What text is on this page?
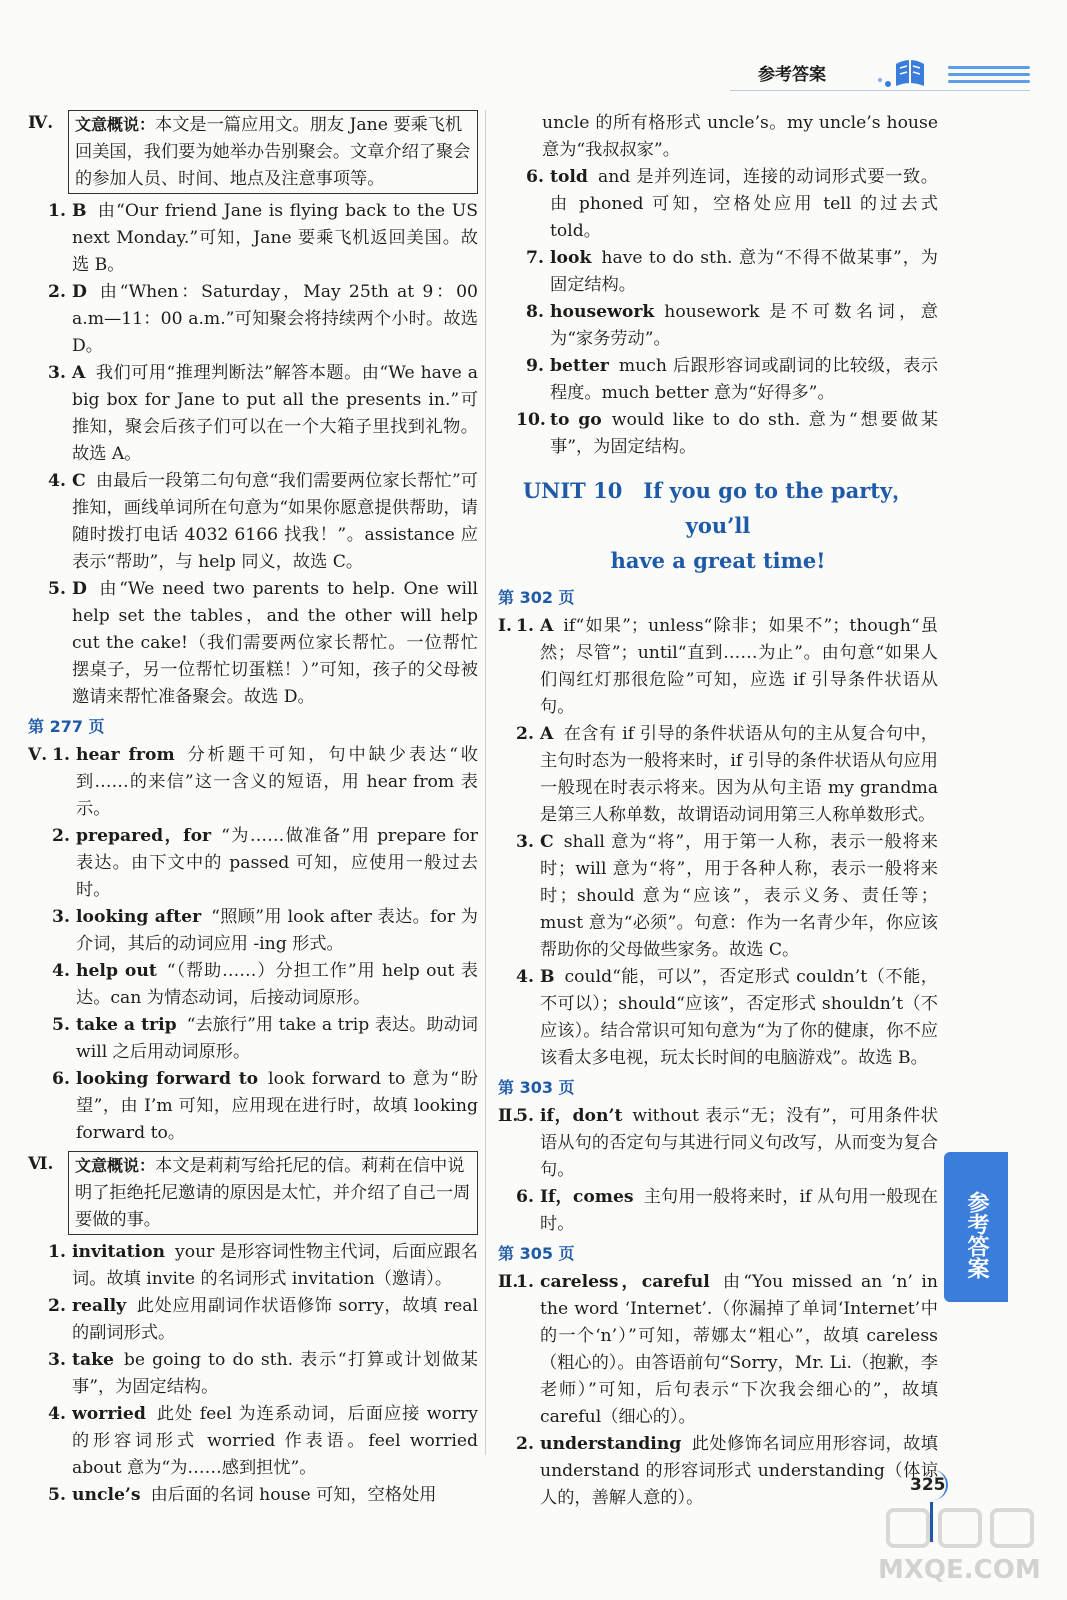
参考答案
Ⅳ.	文意概说：本文是一篇应用文。朋友 Jane 要乘飞机回美国，我们要为她举办告别聚会。文章介绍了聚会的参加人员、时间、地点及注意事项等。
1. B 由“Our friend Jane is flying back to the US next Monday.”可知，Jane 要乘飞机返回美国。故选 B。
2. D 由“When：Saturday，May 25th at 9：00 a.m—11：00 a.m.”可知聚会将持续两个小时。故选 D。
3. A 我们可用“推理判断法”解答本题。由“We have a big box for Jane to put all the presents in.”可推知，聚会后孩子们可以在一个大箱子里找到礼物。故选 A。
4. C 由最后一段第二句句意“我们需要两位家长帮忙”可推知，画线单词所在句意为“如果你愿意提供帮助，请随时拨打电话 4032 6166 找我！”。assistance 应表示“帮助”，与 help 同义，故选 C。
5. D 由“We need two parents to help. One will help set the tables，and the other will help cut the cake!（我们需要两位家长帮忙。一位帮忙摆桌子，另一位帮忙切蛋糕！）”可知，孩子的父母被邀请来帮忙准备聚会。故选 D。
第 277 页
Ⅴ. 1. hear from 分析题干可知，句中缺少表达“收到……的来信”这一含义的短语，用 hear from 表示。
2. prepared，for “为……做准备”用 prepare for 表达。由下文中的 passed 可知，应使用一般过去时。
3. looking after “照顾”用 look after 表达。for 为介词，其后的动词应用 -ing 形式。
4. help out “（帮助……）分担工作”用 help out 表达。can 为情态动词，后接动词原形。
5. take a trip “去旅行”用 take a trip 表达。助动词 will 之后用动词原形。
6. looking forward to look forward to 意为“盼望”，由 I’m 可知，应用现在进行时，故填 looking forward to。
Ⅵ.	文意概说：本文是莉莉写给托尼的信。莉莉在信中说明了拒绝托尼邀请的原因是太忙，并介绍了自己一周要做的事。
1. invitation your 是形容词性物主代词，后面应跟名词。故填 invite 的名词形式 invitation（邀请）。
2. really 此处应用副词作状语修饰 sorry，故填 real 的副词形式。
3. take be going to do sth. 表示“打算或计划做某事”，为固定结构。
4. worried 此处 feel 为连系动词，后面应接 worry 的形容词形式 worried 作表语。feel worried about 意为“为……感到担忧”。
5. uncle’s 由后面的名词 house 可知，空格处用
uncle 的所有格形式 uncle’s。my uncle’s house 意为“我叔叔家”。
6. told and 是并列连词，连接的动词形式要一致。由 phoned 可知，空格处应用 tell 的过去式 told。
7. look have to do sth. 意为“不得不做某事”，为固定结构。
8. housework housework 是不可数名词，意为“家务劳动”。
9. better much 后跟形容词或副词的比较级，表示程度。much better 意为“好得多”。
10. to go would like to do sth. 意为“想要做某事”，为固定结构。
UNIT 10　If you go to the party，you’ll
have a great time!
第 302 页
Ⅰ. 1. A if“如果”；unless“除非；如果不”；though“虽然；尽管”；until“直到……为止”。由句意“如果人们闯红灯那很危险”可知，应选 if 引导条件状语从句。
2. A 在含有 if 引导的条件状语从句的主从复合句中，主句时态为一般将来时，if 引导的条件状语从句应用一般现在时表示将来。因为从句主语 my grandma 是第三人称单数，故谓语动词用第三人称单数形式。
3. C shall 意为“将”，用于第一人称，表示一般将来时；will 意为“将”，用于各种人称，表示一般将来时；should 意为“应该”，表示义务、责任等；must 意为“必须”。句意：作为一名青少年，你应该帮助你的父母做些家务。故选 C。
4. B could“能，可以”，否定形式 couldn’t（不能，不可以）；should“应该”，否定形式 shouldn’t（不应该）。结合常识可知句意为“为了你的健康，你不应该看太多电视，玩太长时间的电脑游戏”。故选 B。
第 303 页
Ⅱ.
5. if，don’t without 表示“无；没有”，可用条件状语从句的否定句与其进行同义句改写，从而变为复合句。
6. If，comes 主句用一般将来时，if 从句用一般现在时。
第 305 页
Ⅱ.
1. careless，careful 由“You missed an ‘n’ in the word ‘Internet’.（你漏掉了单词‘Internet’中的一个‘n’）”可知，蒂娜太“粗心”，故填 careless（粗心的）。由答语前句“Sorry，Mr. Li.（抱歉，李老师）”可知，后句表示“下次我会细心的”，故填 careful（细心的）。
2. understanding 此处修饰名词应用形容词，故填 understand 的形容词形式 understanding（体谅人的，善解人意的）。
参考答案
325
MXQE.COM
